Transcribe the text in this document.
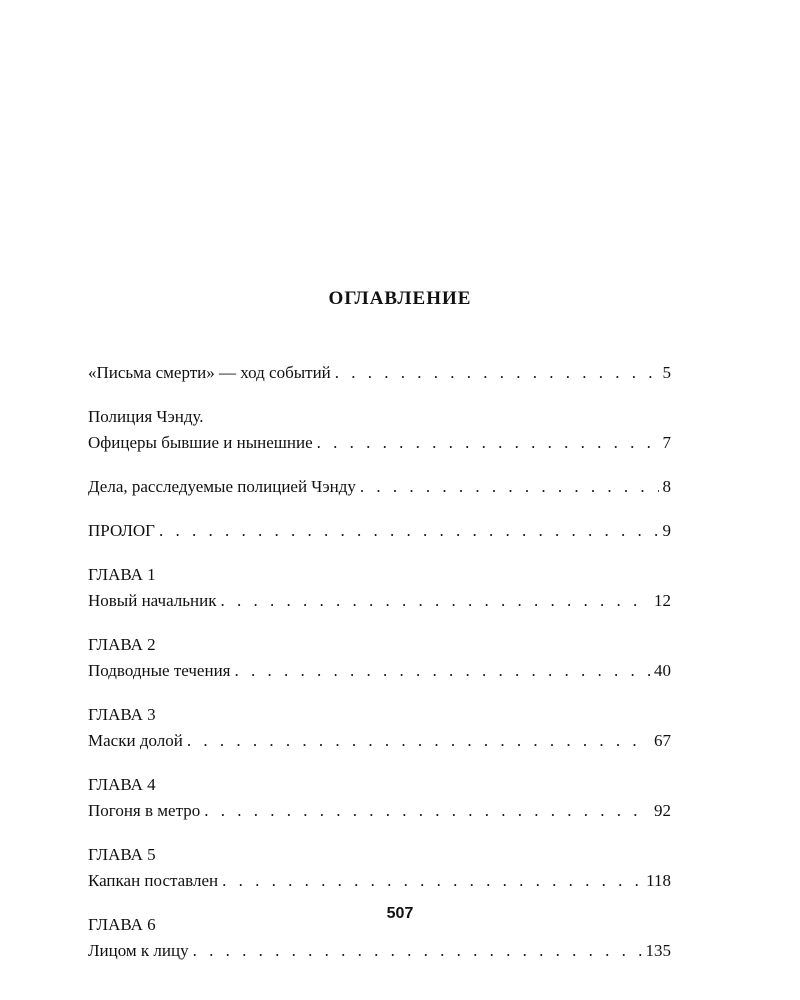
ОГЛАВЛЕНИЕ
«Письма смерти» — ход событий . . .	5
Полиция Чэнду.
Офицеры бывшие и нынешние . . .	7
Дела, расследуемые полицией Чэнду . . .	8
ПРОЛОГ . . .	9
ГЛАВА 1
Новый начальник . . .	12
ГЛАВА 2
Подводные течения . . .	40
ГЛАВА 3
Маски долой . . .	67
ГЛАВА 4
Погоня в метро . . .	92
ГЛАВА 5
Капкан поставлен . . .	118
ГЛАВА 6
Лицом к лицу . . .	135
507
